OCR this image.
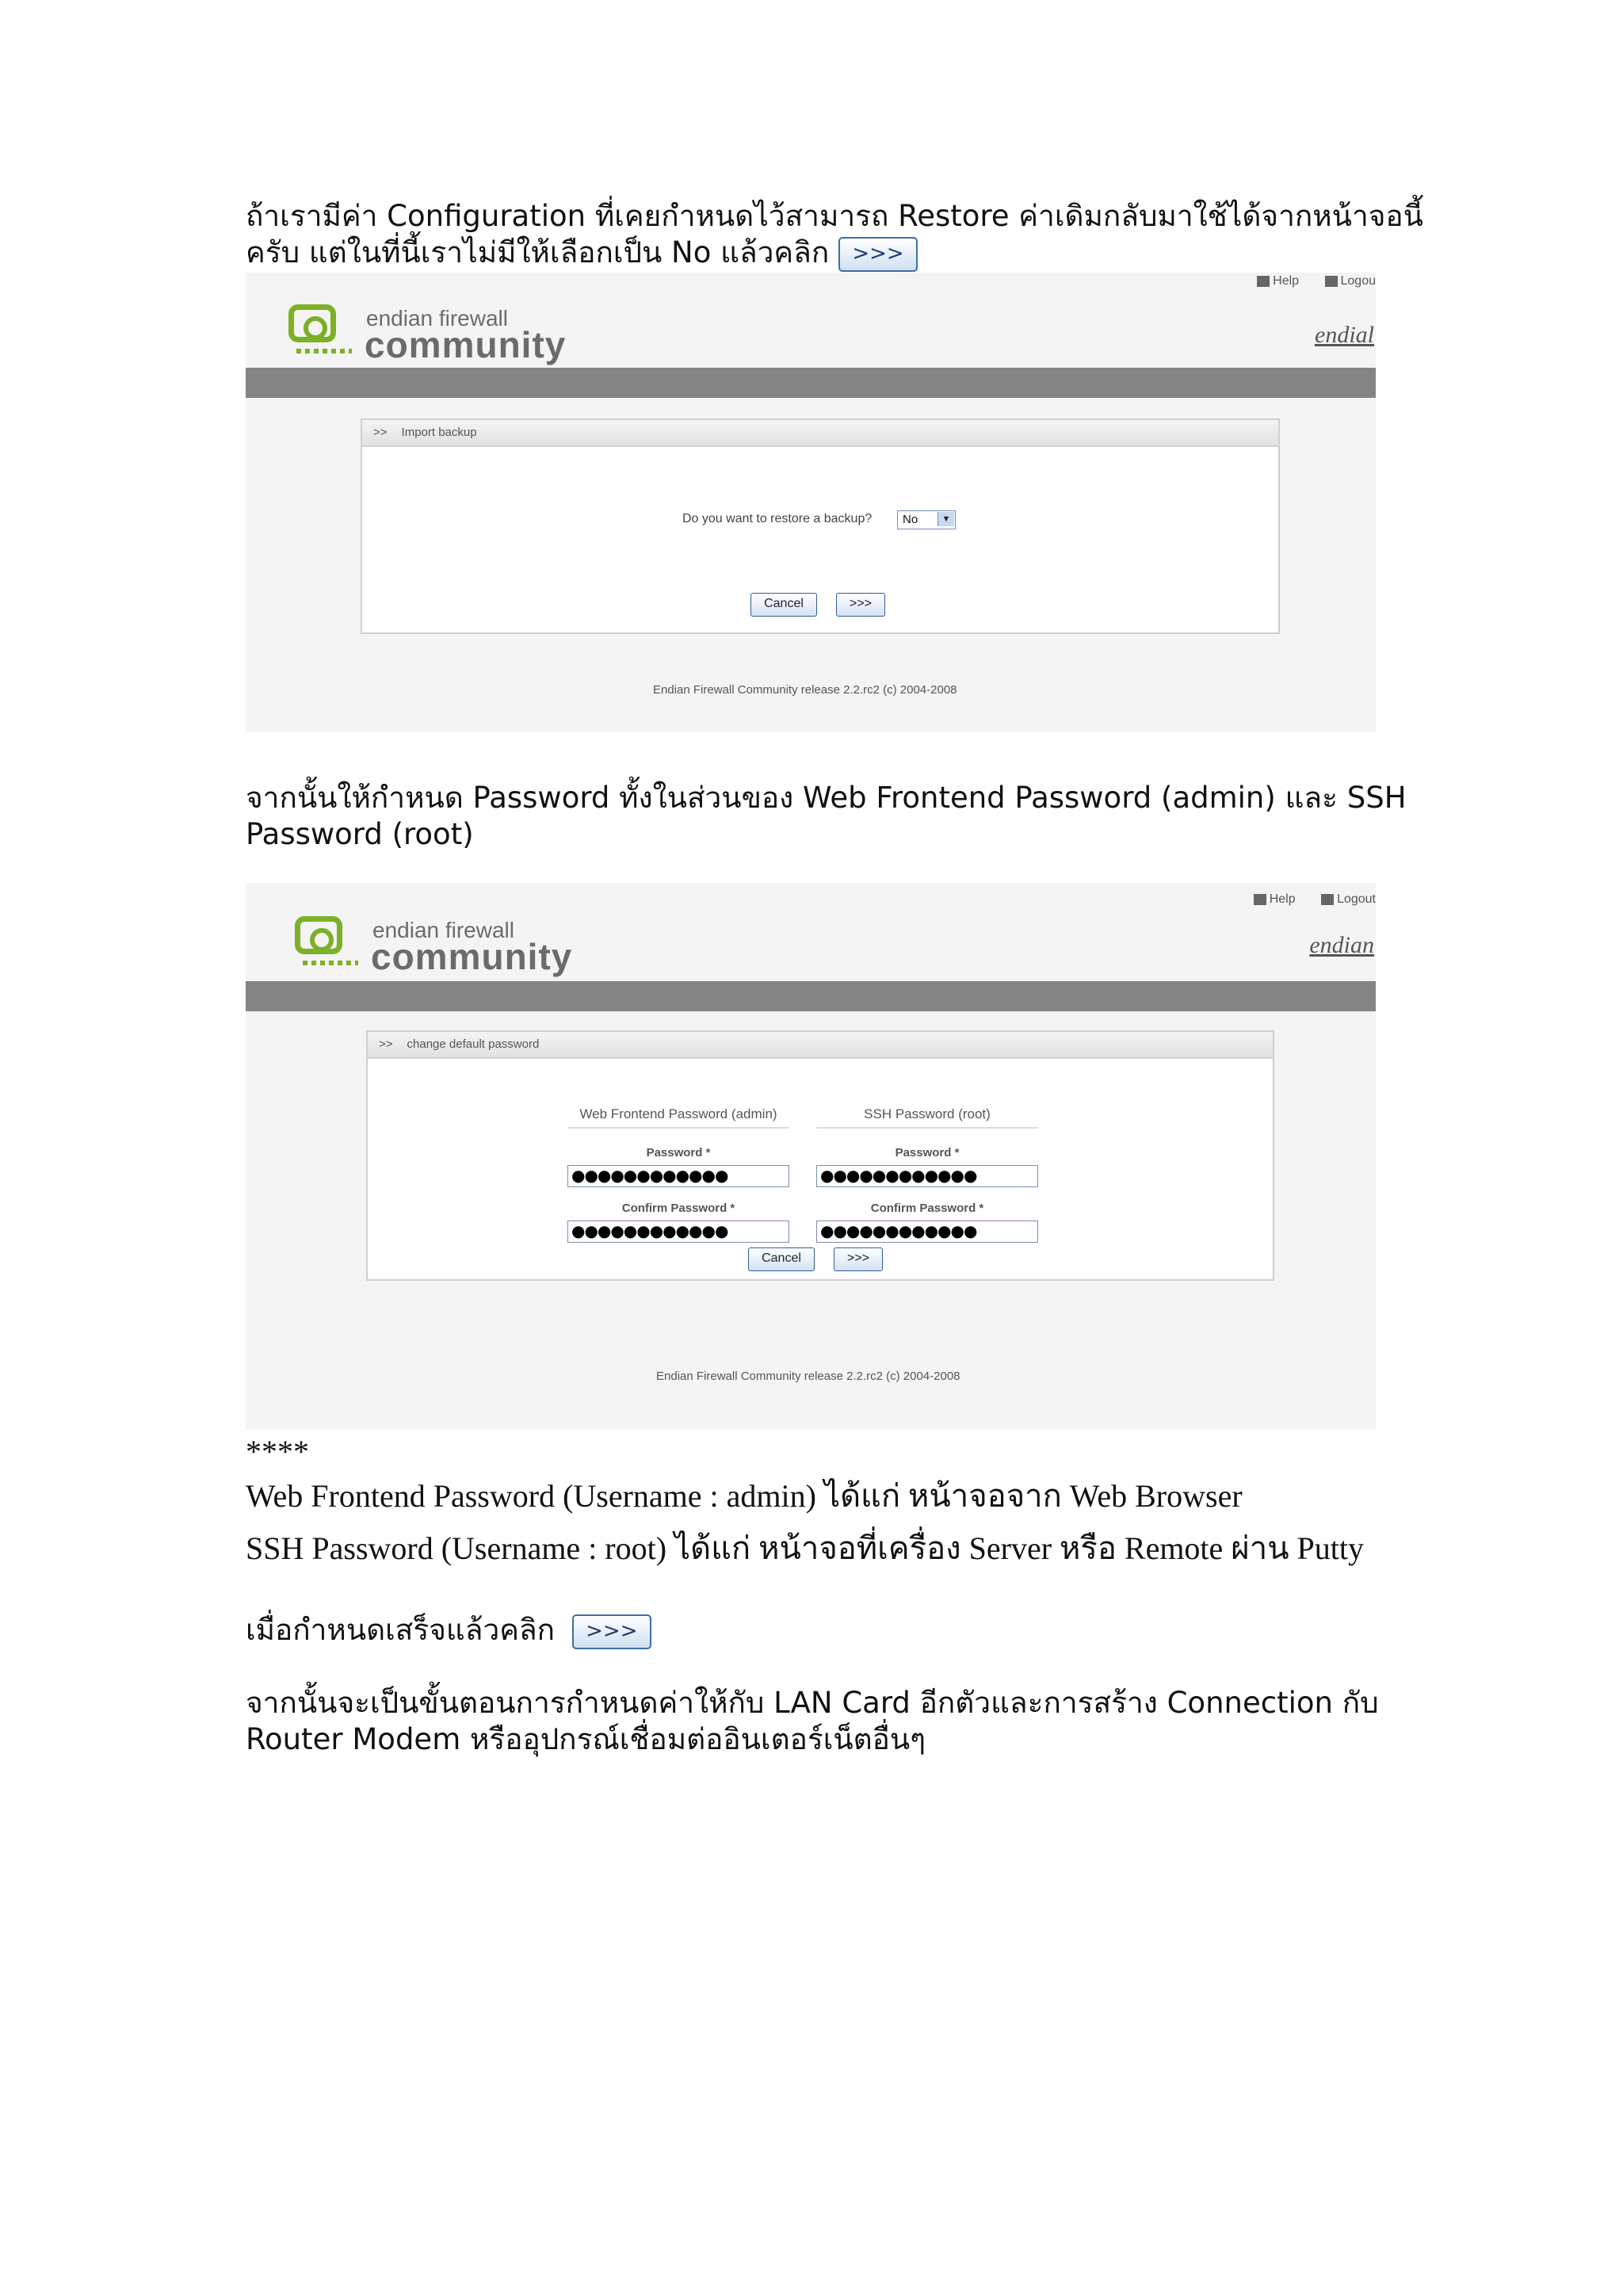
ถ้าเรามีค่า Configuration ที่เคยกำหนดไว้สามารถ Restore ค่าเดิมกลับมาใช้ได้จากหน้าจอนี้

ครับ แต่ในที่นี้เราไม่มีให้เลือกเป็น No แล้วคลิก >>>

Help	Logou
endian firewall
community	endial
>> Import backup
Do you want to restore a backup?	No	▼
Cancel	>>>
Endian Firewall Community release 2.2.rc2 (c) 2004-2008

จากนั้นให้กำหนด Password ทั้งในส่วนของ Web Frontend Password (admin) และ SSH

Password (root)

Help	Logout
endian firewall
community	endian
>> change default password
Web Frontend Password (admin)	SSH Password (root)
Password *	Password *
●●●●●●●●●●●●	●●●●●●●●●●●●
Confirm Password *	Confirm Password *
●●●●●●●●●●●●	●●●●●●●●●●●●
Cancel	>>>
Endian Firewall Community release 2.2.rc2 (c) 2004-2008
****
Web Frontend Password (Username : admin) ได้แก่ หน้าจอจาก Web Browser
SSH Password (Username : root) ได้แก่ หน้าจอที่เครื่อง Server หรือ Remote ผ่าน Putty

เมื่อกำหนดเสร็จแล้วคลิก >>>

จากนั้นจะเป็นขั้นตอนการกำหนดค่าให้กับ LAN Card อีกตัวและการสร้าง Connection กับ

Router Modem หรืออุปกรณ์เชื่อมต่ออินเตอร์เน็ตอื่นๆ
